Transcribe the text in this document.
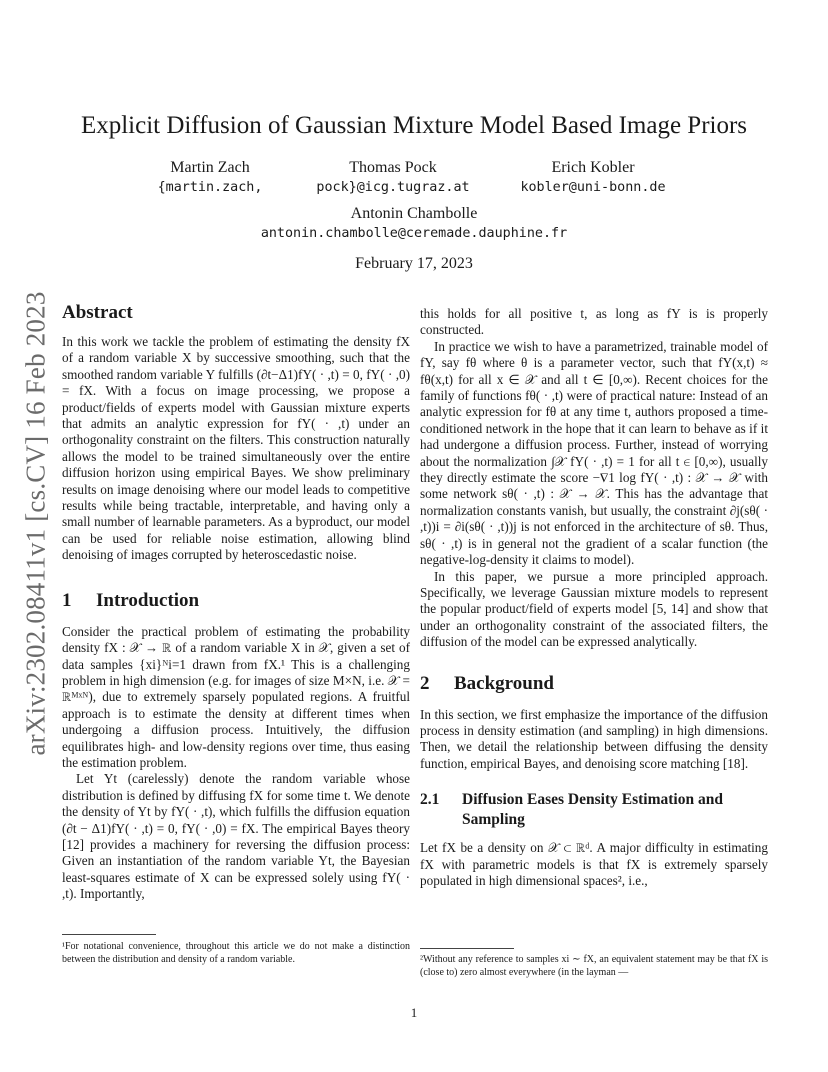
arXiv:2302.08411v1 [cs.CV] 16 Feb 2023
Explicit Diffusion of Gaussian Mixture Model Based Image Priors
Martin Zach
{martin.zach,
Thomas Pock
pock}@icg.tugraz.at
Erich Kobler
kobler@uni-bonn.de
Antonin Chambolle
antonin.chambolle@ceremade.dauphine.fr
February 17, 2023
Abstract

In this work we tackle the problem of estimating the density fX of a random variable X by successive smoothing, such that the smoothed random variable Y fulfills (∂t−Δ1)fY( · ,t) = 0, fY( · ,0) = fX. With a focus on image processing, we propose a product/fields of experts model with Gaussian mixture experts that admits an analytic expression for fY( · ,t) under an orthogonality constraint on the filters. This construction naturally allows the model to be trained simultaneously over the entire diffusion horizon using empirical Bayes. We show preliminary results on image denoising where our model leads to competitive results while being tractable, interpretable, and having only a small number of learnable parameters. As a byproduct, our model can be used for reliable noise estimation, allowing blind denoising of images corrupted by heteroscedastic noise.

1 Introduction

Consider the practical problem of estimating the probability density fX : 𝒳 → ℝ of a random variable X in 𝒳, given a set of data samples {xi}ᴺi=1 drawn from fX.¹ This is a challenging problem in high dimension (e.g. for images of size M×N, i.e. 𝒳 = ℝᴹˣᴺ), due to extremely sparsely populated regions. A fruitful approach is to estimate the density at different times when undergoing a diffusion process. Intuitively, the diffusion equilibrates high- and low-density regions over time, thus easing the estimation problem.

Let Yt (carelessly) denote the random variable whose distribution is defined by diffusing fX for some time t. We denote the density of Yt by fY( · ,t), which fulfills the diffusion equation (∂t − Δ1)fY( · ,t) = 0, fY( · ,0) = fX. The empirical Bayes theory [12] provides a machinery for reversing the diffusion process: Given an instantiation of the random variable Yt, the Bayesian least-squares estimate of X can be expressed solely using fY( · ,t). Importantly,

¹For notational convenience, throughout this article we do not make a distinction between the distribution and density of a random variable.

this holds for all positive t, as long as fY is is properly constructed.

In practice we wish to have a parametrized, trainable model of fY, say fθ where θ is a parameter vector, such that fY(x,t) ≈ fθ(x,t) for all x ∈ 𝒳 and all t ∈ [0,∞). Recent choices for the family of functions fθ( · ,t) were of practical nature: Instead of an analytic expression for fθ at any time t, authors proposed a time-conditioned network in the hope that it can learn to behave as if it had undergone a diffusion process. Further, instead of worrying about the normalization ∫𝒳 fY( · ,t) = 1 for all t ∈ [0,∞), usually they directly estimate the score −∇1 log fY( · ,t) : 𝒳 → 𝒳 with some network sθ( · ,t) : 𝒳 → 𝒳. This has the advantage that normalization constants vanish, but usually, the constraint ∂j(sθ( · ,t))i = ∂i(sθ( · ,t))j is not enforced in the architecture of sθ. Thus, sθ( · ,t) is in general not the gradient of a scalar function (the negative-log-density it claims to model).

In this paper, we pursue a more principled approach. Specifically, we leverage Gaussian mixture models to represent the popular product/field of experts model [5, 14] and show that under an orthogonality constraint of the associated filters, the diffusion of the model can be expressed analytically.

2 Background

In this section, we first emphasize the importance of the diffusion process in density estimation (and sampling) in high dimensions. Then, we detail the relationship between diffusing the density function, empirical Bayes, and denoising score matching [18].

2.1	Diffusion Eases Density Estimation and Sampling

Let fX be a density on 𝒳 ⊂ ℝᵈ. A major difficulty in estimating fX with parametric models is that fX is extremely sparsely populated in high dimensional spaces², i.e.,

²Without any reference to samples xi ∼ fX, an equivalent statement may be that fX is (close to) zero almost everywhere (in the layman —
1
